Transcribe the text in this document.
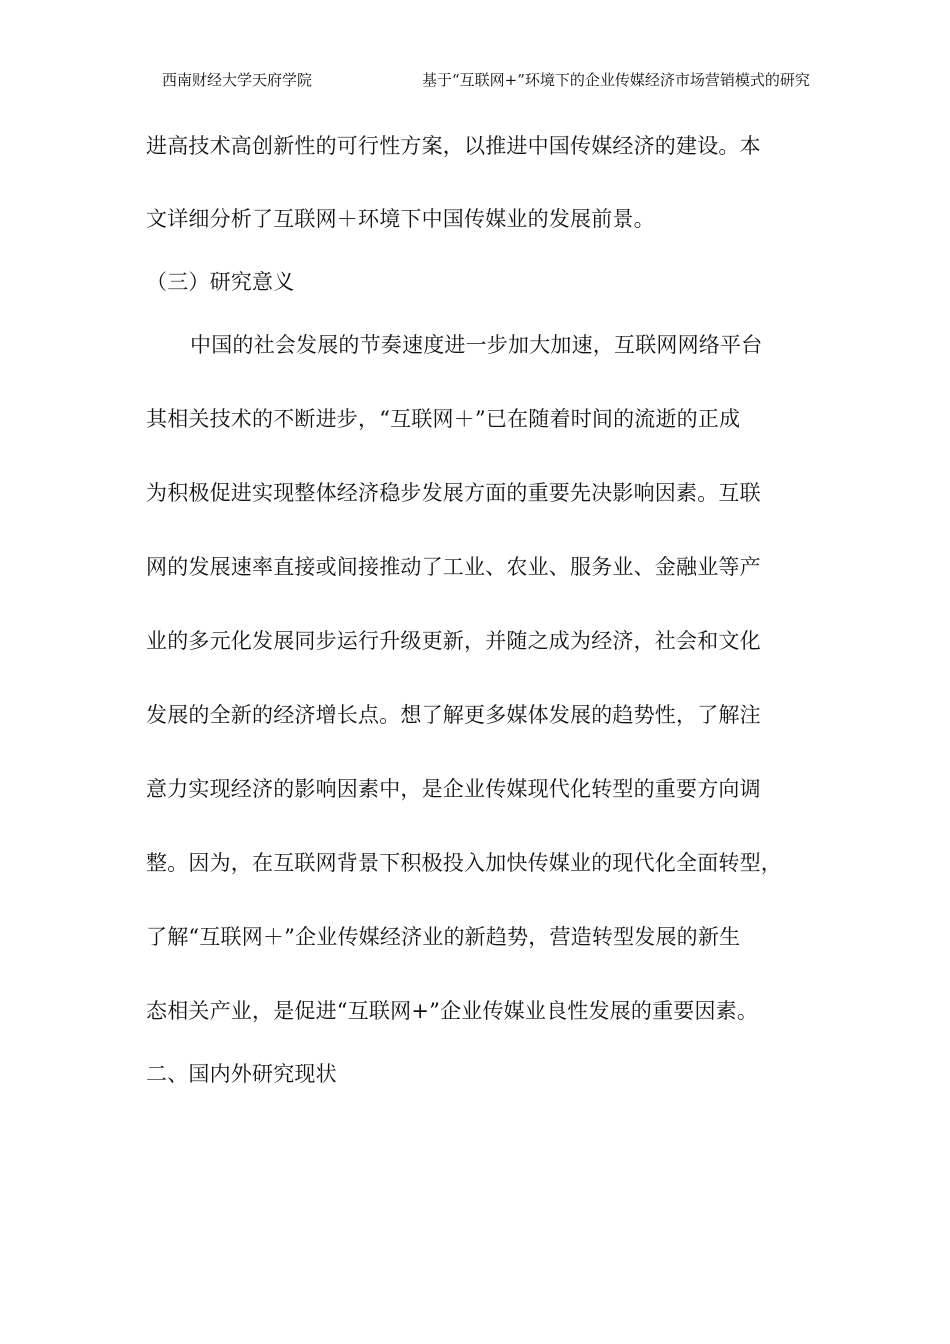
西南财经大学天府学院	基于“互联网+”环境下的企业传媒经济市场营销模式的研究
进高技术高创新性的可行性方案，以推进中国传媒经济的建设。本
文详细分析了互联网＋环境下中国传媒业的发展前景。
（三）研究意义
中国的社会发展的节奏速度进一步加大加速，互联网网络平台
其相关技术的不断进步，“互联网＋”已在随着时间的流逝的正成
为积极促进实现整体经济稳步发展方面的重要先决影响因素。互联
网的发展速率直接或间接推动了工业、农业、服务业、金融业等产
业的多元化发展同步运行升级更新，并随之成为经济，社会和文化
发展的全新的经济增长点。想了解更多媒体发展的趋势性，了解注
意力实现经济的影响因素中，是企业传媒现代化转型的重要方向调
整。因为，在互联网背景下积极投入加快传媒业的现代化全面转型，
了解“互联网＋”企业传媒经济业的新趋势，营造转型发展的新生
态相关产业，是促进“互联网+”企业传媒业良性发展的重要因素。
二、国内外研究现状
